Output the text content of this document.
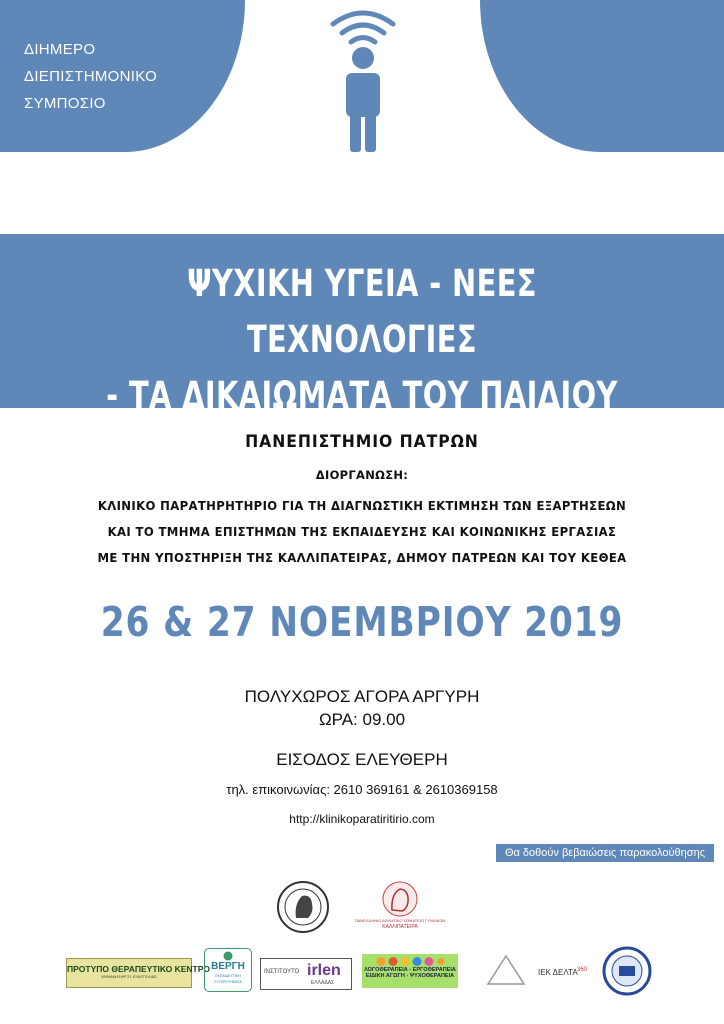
ΔΙΗΜΕΡΟ
ΔΙΕΠΙΣΤΗΜΟΝΙΚΟ
ΣΥΜΠΟΣΙΟ
ΨΥΧΙΚΗ ΥΓΕΙΑ - ΝΕΕΣ ΤΕΧΝΟΛΟΓΙΕΣ
- ΤΑ ΔΙΚΑΙΩΜΑΤΑ ΤΟΥ ΠΑΙΔΙΟΥ
ΠΑΝΕΠΙΣΤΗΜΙΟ ΠΑΤΡΩΝ
ΔΙΟΡΓΑΝΩΣΗ:
ΚΛΙΝΙΚΟ ΠΑΡΑΤΗΡΗΤΗΡΙΟ ΓΙΑ ΤΗ ΔΙΑΓΝΩΣΤΙΚΗ ΕΚΤΙΜΗΣΗ ΤΩΝ ΕΞΑΡΤΗΣΕΩΝ
ΚΑΙ ΤΟ ΤΜΗΜΑ ΕΠΙΣΤΗΜΩΝ ΤΗΣ ΕΚΠΑΙΔΕΥΣΗΣ ΚΑΙ ΚΟΙΝΩΝΙΚΗΣ ΕΡΓΑΣΙΑΣ
ΜΕ ΤΗΝ ΥΠΟΣΤΗΡΙΞΗ ΤΗΣ ΚΑΛΛΙΠΑΤΕΙΡΑΣ, ΔΗΜΟΥ ΠΑΤΡΕΩΝ ΚΑΙ ΤΟΥ ΚΕΘΕΑ
26 & 27 ΝΟΕΜΒΡΙΟΥ 2019
ΠΟΛΥΧΩΡΟΣ ΑΓΟΡΑ ΑΡΓΥΡΗ
ΩΡΑ: 09.00
ΕΙΣΟΔΟΣ ΕΛΕΥΘΕΡΗ
τηλ. επικοινωνίας: 2610 369161 & 2610369158
http://klinikoparatiritirio.com
Θα δοθούν βεβαιώσεις παρακολούθησης
ΠΑΝΕΛΛΗΝΙΟ ΑΘΛΗΤΙΚΟ ΣΩΜΑΤΕΙΟ ΓΥΝΑΙΚΩΝ
ΚΑΛΛΙΠΑΤΕΙΡΑ
ΠΡΟΤΥΠΟ ΘΕΡΑΠΕΥΤΙΚΟ ΚΕΝΤΡΟ
ΨΙΦΙΑΚΗΣΗΡ ΣΙ. ΕΥΑΓΓΕΛΙΑΣ
ΒΕΡΓΗ
ΕΚΠΑΙΔΕΥΤΙΚΗ ΣΥΓΚΡΟΤΗΜΑΤΑ
ΙΝΣΤΙΤΟΥΤΟ irlen
ΕΛΛΑΔΑΣ
ΛΟΓΟΘΕΡΑΠΕΙΑ - ΕΡΓΟΘΕΡΑΠΕΙΑ
ΕΙΔΙΚΗ ΑΓΩΓΗ - ΨΥΧΟΘΕΡΑΠΕΙΑ	ΙΕΚ ΔΕΛΤΑ 360
